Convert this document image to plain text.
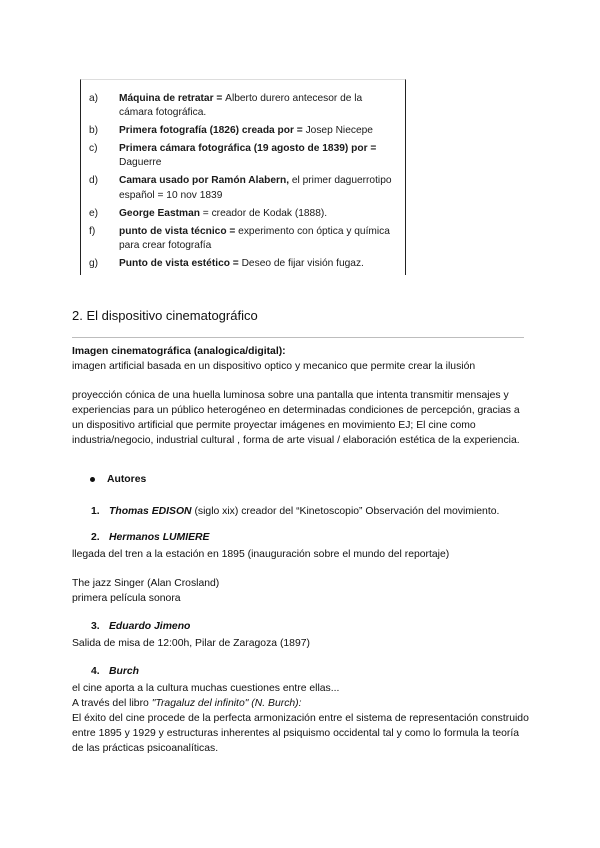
a)	Máquina de retratar = Alberto durero antecesor de la cámara fotográfica.
b)	Primera fotografía (1826) creada por = Josep Niecepe
c)	Primera cámara fotográfica (19 agosto de 1839) por = Daguerre
d)	Camara usado por Ramón Alabern, el primer daguerrotipo español = 10 nov 1839
e)	George Eastman = creador de Kodak (1888).
f)	punto de vista técnico = experimento con óptica y química para crear fotografía
g)	Punto de vista estético = Deseo de fijar visión fugaz.
2. El dispositivo cinematográfico
Imagen cinematográfica (analogica/digital):
imagen artificial basada en un dispositivo optico y mecanico que permite crear la ilusión
proyección cónica de una huella luminosa sobre una pantalla que intenta transmitir mensajes y experiencias para un público heterogéneo en determinadas condiciones de percepción, gracias a un dispositivo artificial que permite proyectar imágenes en movimiento EJ; El cine como industria/negocio, industrial cultural , forma de arte visual / elaboración estética de la experiencia.
Autores
1. Thomas EDISON (siglo xix) creador del “Kinetoscopio” Observación del movimiento.
2. Hermanos LUMIERE
llegada del tren a la estación en 1895 (inauguración sobre el mundo del reportaje)
The jazz Singer (Alan Crosland)
primera película sonora
3. Eduardo Jimeno
Salida de misa de 12:00h, Pilar de Zaragoza (1897)
4. Burch
el cine aporta a la cultura muchas cuestiones entre ellas...
A través del libro "Tragaluz del infinito" (N. Burch):
El éxito del cine procede de la perfecta armonización entre el sistema de representación construido entre 1895 y 1929 y estructuras inherentes al psiquismo occidental tal y como lo formula la teoría de las prácticas psicoanalíticas.
